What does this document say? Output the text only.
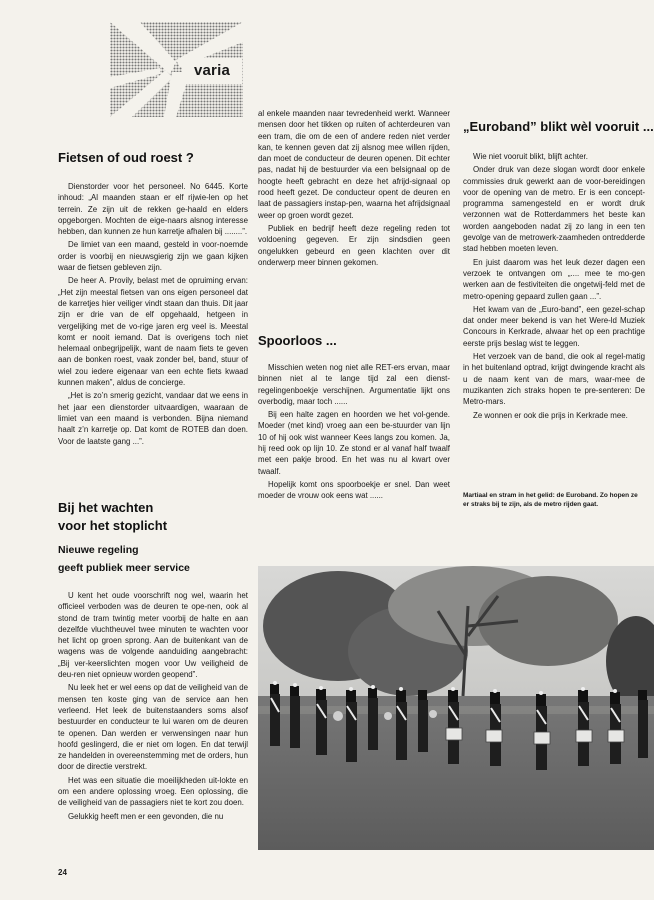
varia
Fietsen of oud roest ?

Dienstorder voor het personeel. No 6445. Korte inhoud: „Al maanden staan er elf rijwie-len op het terrein. Ze zijn uit de rekken ge-haald en elders opgeborgen. Mochten de eige-naars alsnog interesse hebben, dan kunnen ze hun karretje afhalen bij ........”.

De limiet van een maand, gesteld in voor-noemde order is voorbij en nieuwsgierig zijn we gaan kijken waar de fietsen gebleven zijn.

De heer A. Provily, belast met de opruiming ervan: „Het zijn meestal fietsen van ons eigen personeel dat de karretjes hier veiliger vindt staan dan thuis. Dit jaar zijn er drie van de elf opgehaald, hetgeen in vergelijking met de vo-rige jaren erg veel is. Meestal komt er nooit iemand. Dat is overigens toch niet helemaal onbegrijpelijk, want de naam fiets te geven aan de bonken roest, vaak zonder bel, band, stuur of wiel zou iedere eigenaar van een echte fiets kwaad kunnen maken”, aldus de concierge.

„Het is zo’n smerig gezicht, vandaar dat we eens in het jaar een dienstorder uitvaardigen, waaraan de limiet van een maand is verbonden. Bijna niemand haalt z’n karretje op. Dat komt de ROTEB dan doen. Voor de laatste gang ...”.

Bij het wachten
voor het stoplicht
Nieuwe regeling
geeft publiek meer service

U kent het oude voorschrift nog wel, waarin het officieel verboden was de deuren te ope-nen, ook al stond de tram twintig meter voorbij de halte en aan dezelfde vluchtheuvel twee minuten te wachten voor het licht op groen sprong. Aan de buitenkant van de wagens was de volgende aanduiding aangebracht: „Bij ver-keerslichten mogen voor Uw veiligheid de deu-ren niet opnieuw worden geopend”.

Nu leek het er wel eens op dat de veiligheid van de mensen ten koste ging van de service aan hen verleend. Het leek de buitenstaanders soms alsof bestuurder en conducteur te lui waren om de deuren te openen. Dan werden er verwensingen naar hun hoofd geslingerd, die er niet om logen. En dat terwijl ze handelden in overeenstemming met de orders, hun door de directie verstrekt.

Het was een situatie die moeilijkheden uit-lokte en om een andere oplossing vroeg. Een oplossing, die de veiligheid van de passagiers niet te kort zou doen.

Gelukkig heeft men er een gevonden, die nu

al enkele maanden naar tevredenheid werkt. Wanneer mensen door het tikken op ruiten of achterdeuren van een tram, die om de een of andere reden niet verder kan, te kennen geven dat zij alsnog mee willen rijden, dan moet de conducteur de deuren openen. Dit echter pas, nadat hij de bestuurder via een belsignaal op de hoogte heeft gebracht en deze het afrijd-signaal op rood heeft gezet. De conducteur opent de deuren en laat de passagiers instap-pen, waarna het afrijdsignaal weer op groen wordt gezet.

Publiek en bedrijf heeft deze regeling reden tot voldoening gegeven. Er zijn sindsdien geen ongelukken gebeurd en geen klachten over dit onderwerp meer binnen gekomen.

Spoorloos ...

Misschien weten nog niet alle RET-ers ervan, maar binnen niet al te lange tijd zal een dienst-regelingenboekje verschijnen. Argumentatie lijkt ons overbodig, maar toch ......

Bij een halte zagen en hoorden we het vol-gende. Moeder (met kind) vroeg aan een be-stuurder van lijn 10 of hij ook wist wanneer Kees langs zou komen. Ja, hij reed ook op lijn 10. Ze stond er al vanaf half twaalf met een pakje brood. En het was nu al kwart over twaalf.

Hopelijk komt ons spoorboekje er snel. Dan weet moeder de vrouw ook eens wat ......

„Euroband” blikt wèl vooruit ...

Wie niet vooruit blikt, blijft achter.

Onder druk van deze slogan wordt door enkele commissies druk gewerkt aan de voor-bereidingen voor de opening van de metro. Er is een concept-programma samengesteld en er wordt druk verzonnen wat de Rotterdammers het beste kan worden aangeboden nadat zij zo lang in een ten gevolge van de metrowerk-zaamheden ontredderde stad hebben moeten leven.

En juist daarom was het leuk dezer dagen een verzoek te ontvangen om „.... mee te mo-gen werken aan de festiviteiten die ongetwij-feld met de metro-opening gepaard zullen gaan ...”.

Het kwam van de „Euro-band”, een gezel-schap dat onder meer bekend is van het Were-ld Muziek Concours in Kerkrade, alwaar het op een prachtige eerste prijs beslag wist te leggen.

Het verzoek van de band, die ook al regel-matig in het buitenland optrad, krijgt dwingende kracht als u de naam kent van de mars, waar-mee de muzikanten zich straks hopen te pre-senteren: De Metro-mars.

Ze wonnen er ook die prijs in Kerkrade mee.

Martiaal en stram in het gelid: de Euroband. Zo hopen ze er straks bij te zijn, als de metro rijden gaat.
24
